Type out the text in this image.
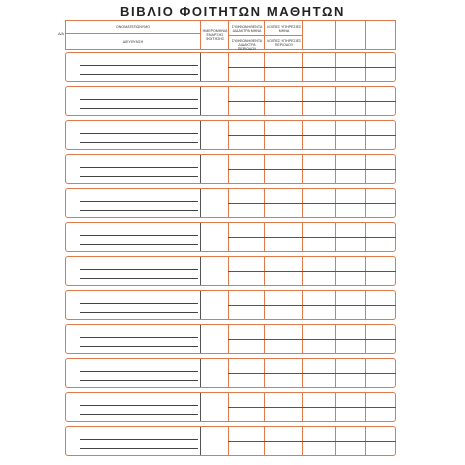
ΒΙΒΛΙΟ ΦΟΙΤΗΤΩΝ ΜΑΘΗΤΩΝ
Α/Α
ΟΝΟΜΑΤΕΠΩΝΥΜΟ
ΔΙΕΥΘΥΝΣΗ
ΗΜΕΡΟΜΗΝΙΑ ΕΝΑΡΞΗΣ ΦΟΙΤΗΣΗΣ
ΣΥΜΦΩΝΗΘΕΝΤΑ ΔΙΔΑΚΤΡΑ ΜΗΝΑ
ΣΥΜΦΩΝΗΘΕΝΤΑ ΔΙΔΑΚΤΡΑ ΠΕΡΙΟΔΟΥ
ΛΟΙΠΕΣ ΥΠΗΡΕΣΙΕΣ ΜΗΝΑ
ΛΟΙΠΕΣ ΥΠΗΡΕΣΙΕΣ ΠΕΡΙΟΔΟΥ
